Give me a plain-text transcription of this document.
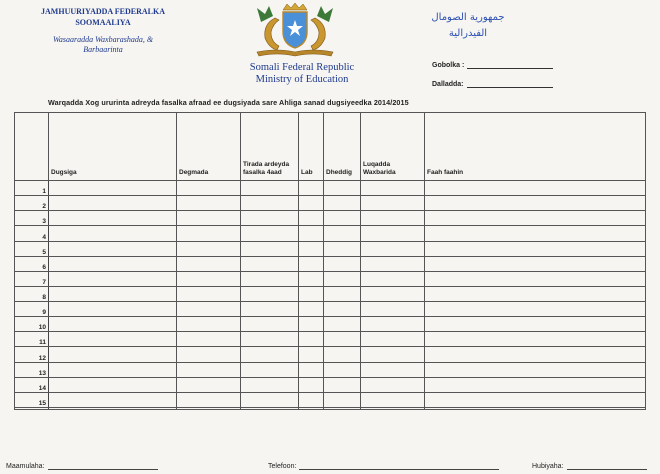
JAMHUURIYADDA FEDERALKA
SOOMAALIYA
Wasaaradda Waxbarashada, &
Barbaarinta
Somali Federal Republic
Ministry of Education
جمهورية الصومال
الفيدرالية
Gobolka :
Dalladda:
Warqadda Xog ururinta adreyda fasalka afraad ee dugsiyada sare Ahliga sanad dugsiyeedka 2014/2015
	Dugsiga	Degmada	Tirada ardeyda fasalka 4aad	Lab	Dheddig	Luqadda Waxbarida	Faah faahin
1							
2							
3							
4							
5							
6							
7							
8							
9							
10							
11							
12							
13							
14							
15							

Maamulaha:	Telefoon:	Hubiyaha:
